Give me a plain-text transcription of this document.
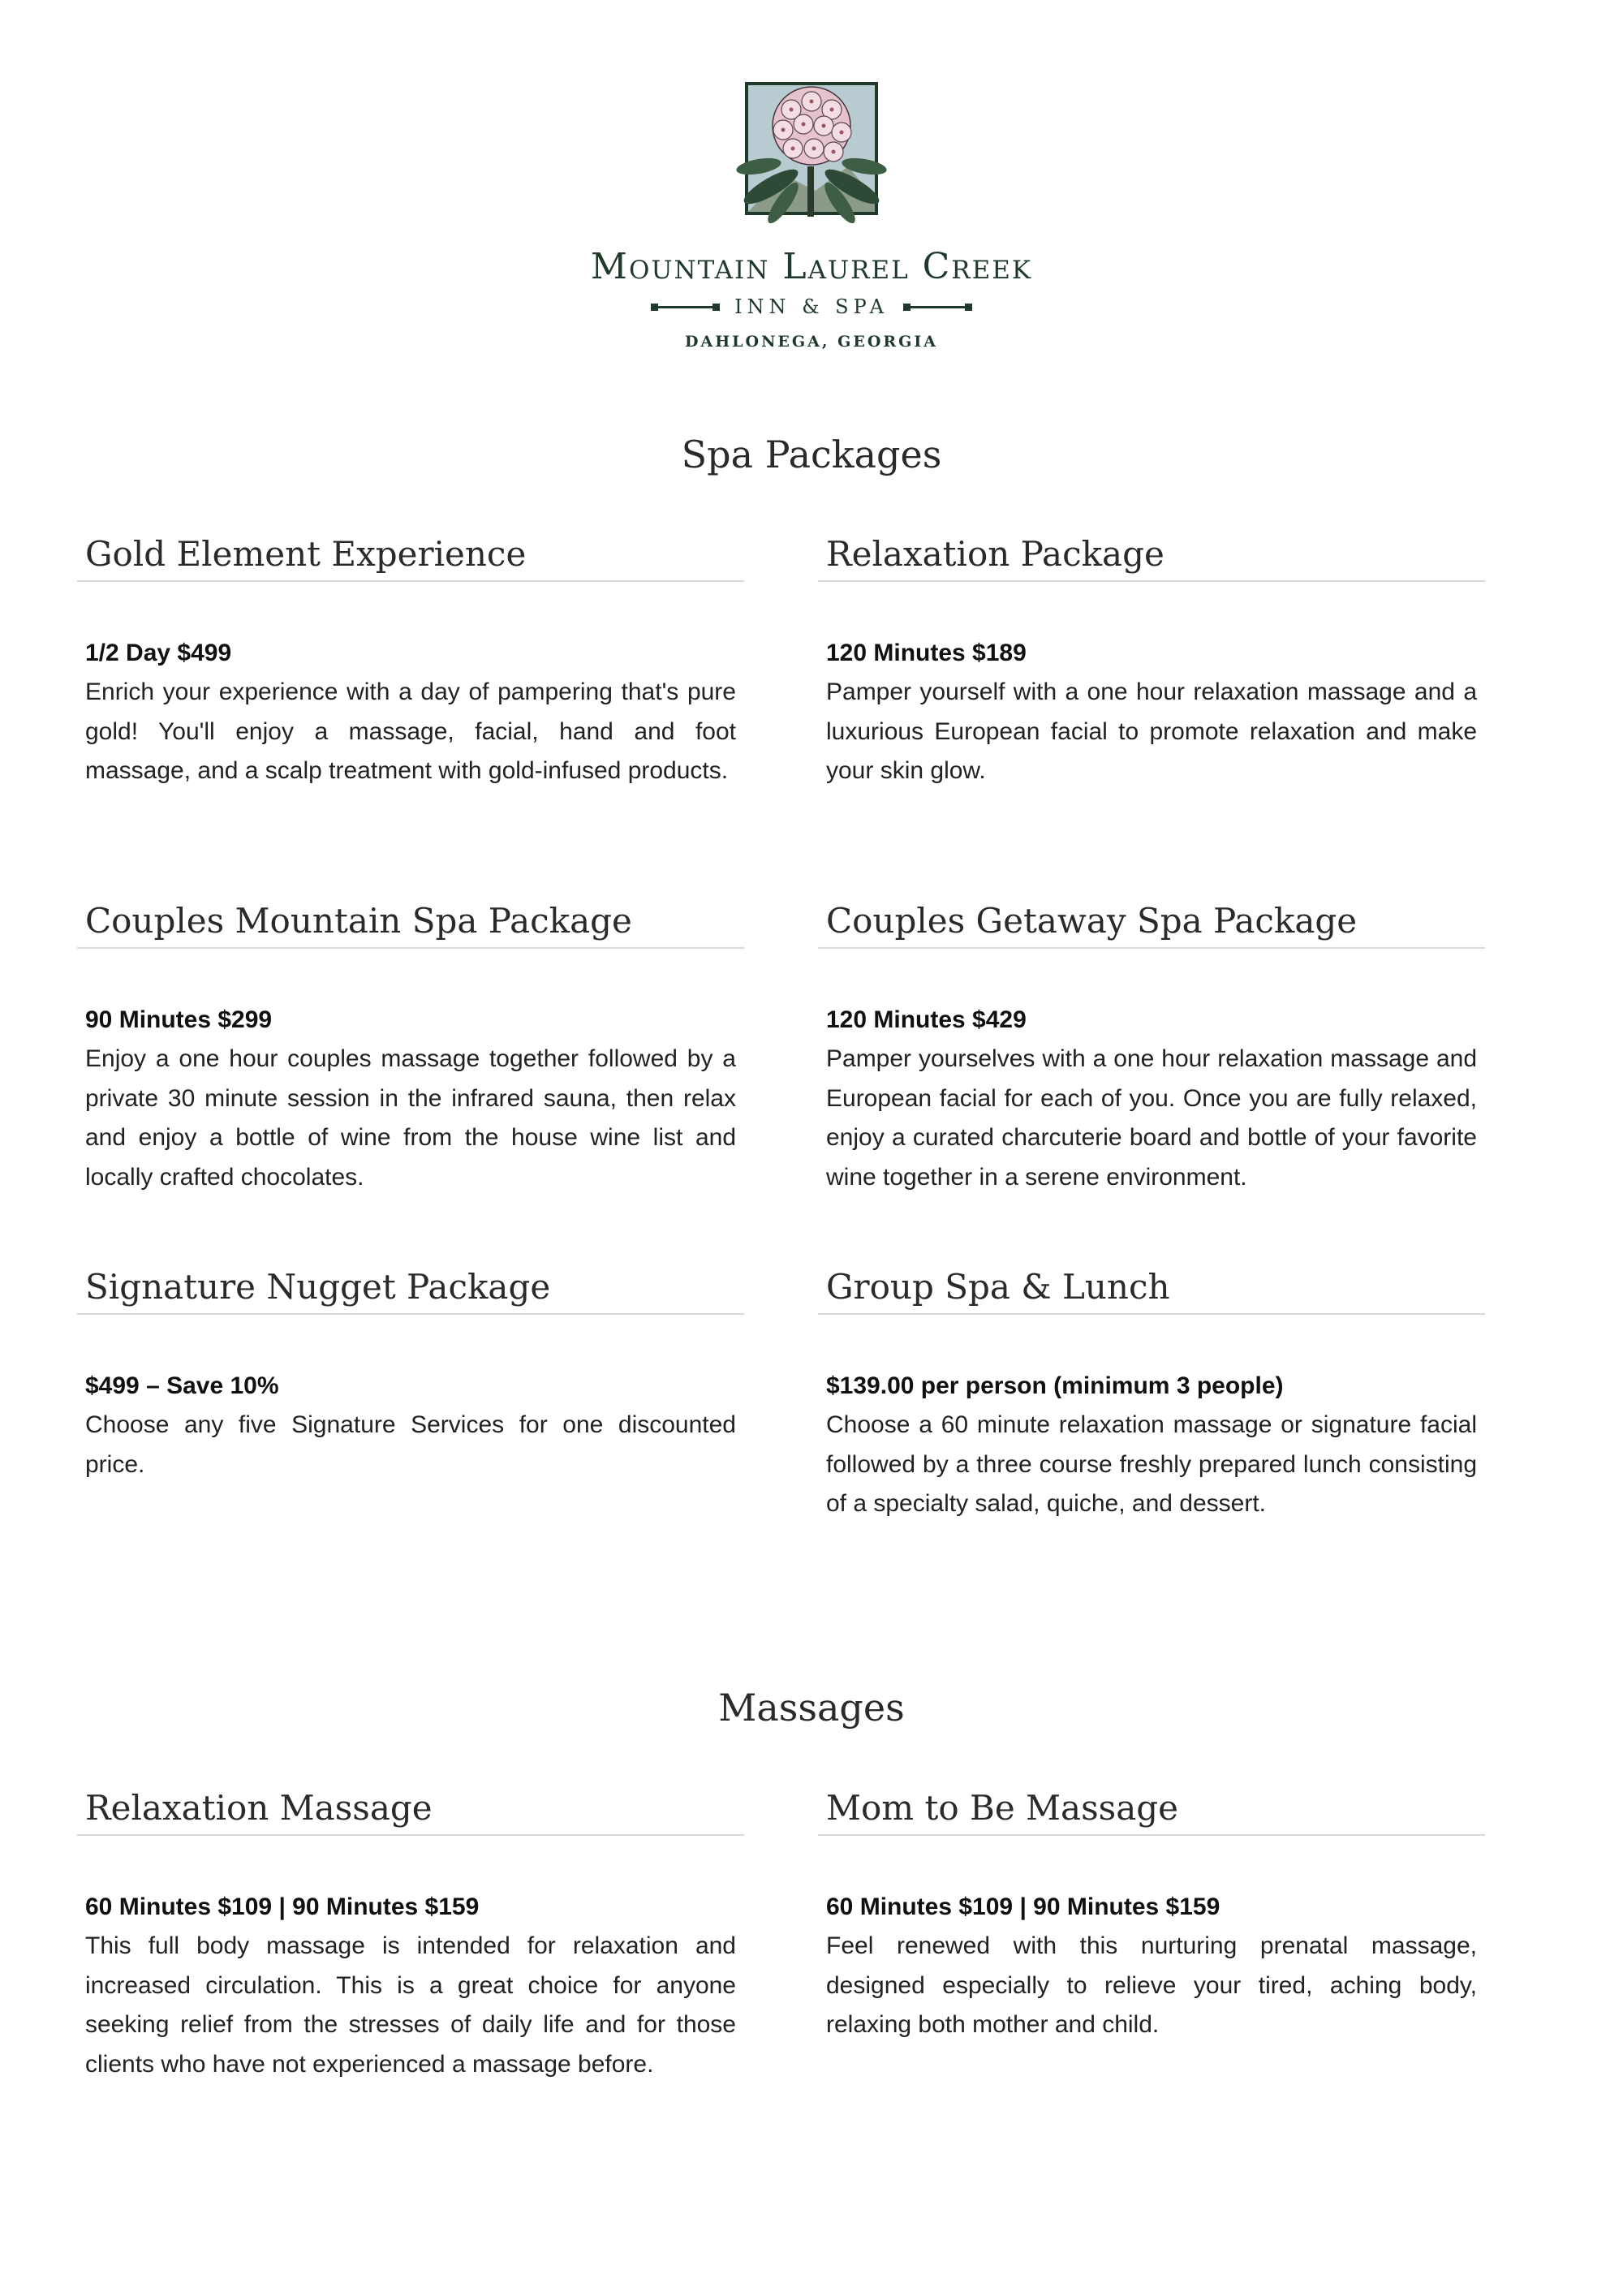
Mountain Laurel Creek
INN & SPA
DAHLONEGA, GEORGIA
Spa Packages
Gold Element Experience

1/2 Day $499

Enrich your experience with a day of pampering that's pure gold! You'll enjoy a massage, facial, hand and foot massage, and a scalp treatment with gold-infused products.

Relaxation Package

120 Minutes $189

Pamper yourself with a one hour relaxation massage and a luxurious European facial to promote relaxation and make your skin glow.

Couples Mountain Spa Package

90 Minutes $299

Enjoy a one hour couples massage together followed by a private 30 minute session in the infrared sauna, then relax and enjoy a bottle of wine from the house wine list and locally crafted chocolates.

Couples Getaway Spa Package

120 Minutes $429

Pamper yourselves with a one hour relaxation massage and European facial for each of you. Once you are fully relaxed, enjoy a curated charcuterie board and bottle of your favorite wine together in a serene environment.

Signature Nugget Package

$499 – Save 10%

Choose any five Signature Services for one discounted price.

Group Spa & Lunch

$139.00 per person (minimum 3 people)

Choose a 60 minute relaxation massage or signature facial followed by a three course freshly prepared lunch consisting of a specialty salad, quiche, and dessert.

Massages
Relaxation Massage

60 Minutes $109 | 90 Minutes $159

This full body massage is intended for relaxation and increased circulation. This is a great choice for anyone seeking relief from the stresses of daily life and for those clients who have not experienced a massage before.

Mom to Be Massage

60 Minutes $109 | 90 Minutes $159

Feel renewed with this nurturing prenatal massage, designed especially to relieve your tired, aching body, relaxing both mother and child.
